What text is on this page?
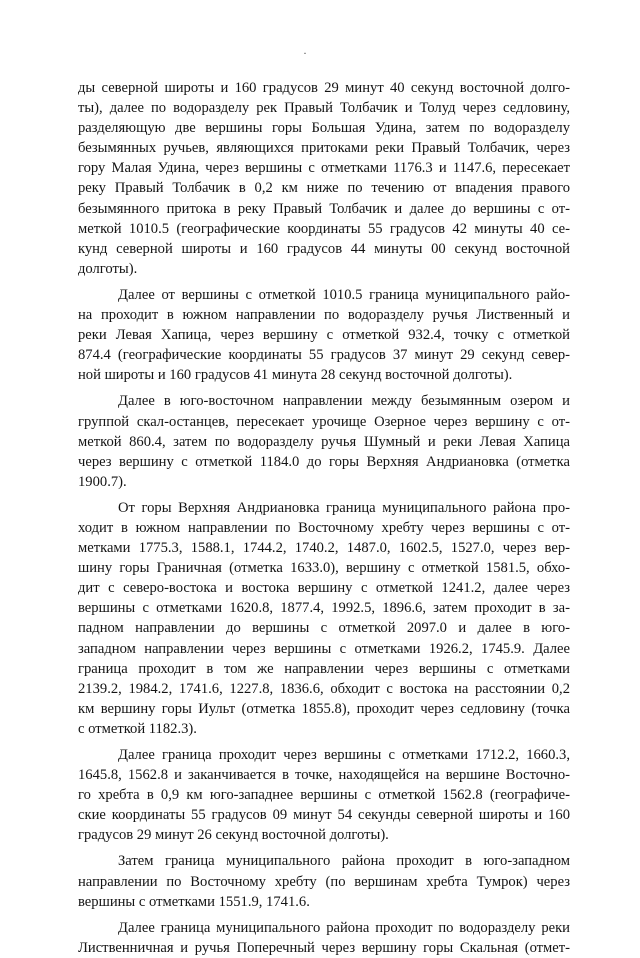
·
ды северной широты и 160 градусов 29 минут 40 секунд восточной долго-
ты), далее по водоразделу рек Правый Толбачик и Толуд через седловину,
разделяющую две вершины горы Большая Удина, затем по водоразделу
безымянных ручьев, являющихся притоками реки Правый Толбачик, через
гору Малая Удина, через вершины с отметками 1176.3 и 1147.6, пересекает
реку Правый Толбачик в 0,2 км ниже по течению от впадения правого
безымянного притока в реку Правый Толбачик и далее до вершины с от-
меткой 1010.5 (географические координаты 55 градусов 42 минуты 40 се-
кунд северной широты и 160 градусов 44 минуты 00 секунд восточной
долготы).
Далее от вершины с отметкой 1010.5 граница муниципального райо-
на проходит в южном направлении по водоразделу ручья Лиственный и
реки Левая Хапица, через вершину с отметкой 932.4, точку с отметкой
874.4 (географические координаты 55 градусов 37 минут 29 секунд север-
ной широты и 160 градусов 41 минута 28 секунд восточной долготы).
Далее в юго-восточном направлении между безымянным озером и
группой скал-останцев, пересекает урочище Озерное через вершину с от-
меткой 860.4, затем по водоразделу ручья Шумный и реки Левая Хапица
через вершину с отметкой 1184.0 до горы Верхняя Андриановка (отметка
1900.7).
От горы Верхняя Андриановка граница муниципального района про-
ходит в южном направлении по Восточному хребту через вершины с от-
метками 1775.3, 1588.1, 1744.2, 1740.2, 1487.0, 1602.5, 1527.0, через вер-
шину горы Граничная (отметка 1633.0), вершину с отметкой 1581.5, обхо-
дит с северо-востока и востока вершину с отметкой 1241.2, далее через
вершины с отметками 1620.8, 1877.4, 1992.5, 1896.6, затем проходит в за-
падном направлении до вершины с отметкой 2097.0 и далее в юго-
западном направлении через вершины с отметками 1926.2, 1745.9. Далее
граница проходит в том же направлении через вершины с отметками
2139.2, 1984.2, 1741.6, 1227.8, 1836.6, обходит с востока на расстоянии 0,2
км вершину горы Иульт (отметка 1855.8), проходит через седловину (точка
с отметкой 1182.3).
Далее граница проходит через вершины с отметками 1712.2, 1660.3,
1645.8, 1562.8 и заканчивается в точке, находящейся на вершине Восточно-
го хребта в 0,9 км юго-западнее вершины с отметкой 1562.8 (географиче-
ские координаты 55 градусов 09 минут 54 секунды северной широты и 160
градусов 29 минут 26 секунд восточной долготы).
Затем граница муниципального района проходит в юго-западном
направлении по Восточному хребту (по вершинам хребта Тумрок) через
вершины с отметками 1551.9, 1741.6.
Далее граница муниципального района проходит по водоразделу реки
Лиственничная и ручья Поперечный через вершину горы Скальная (отмет-
